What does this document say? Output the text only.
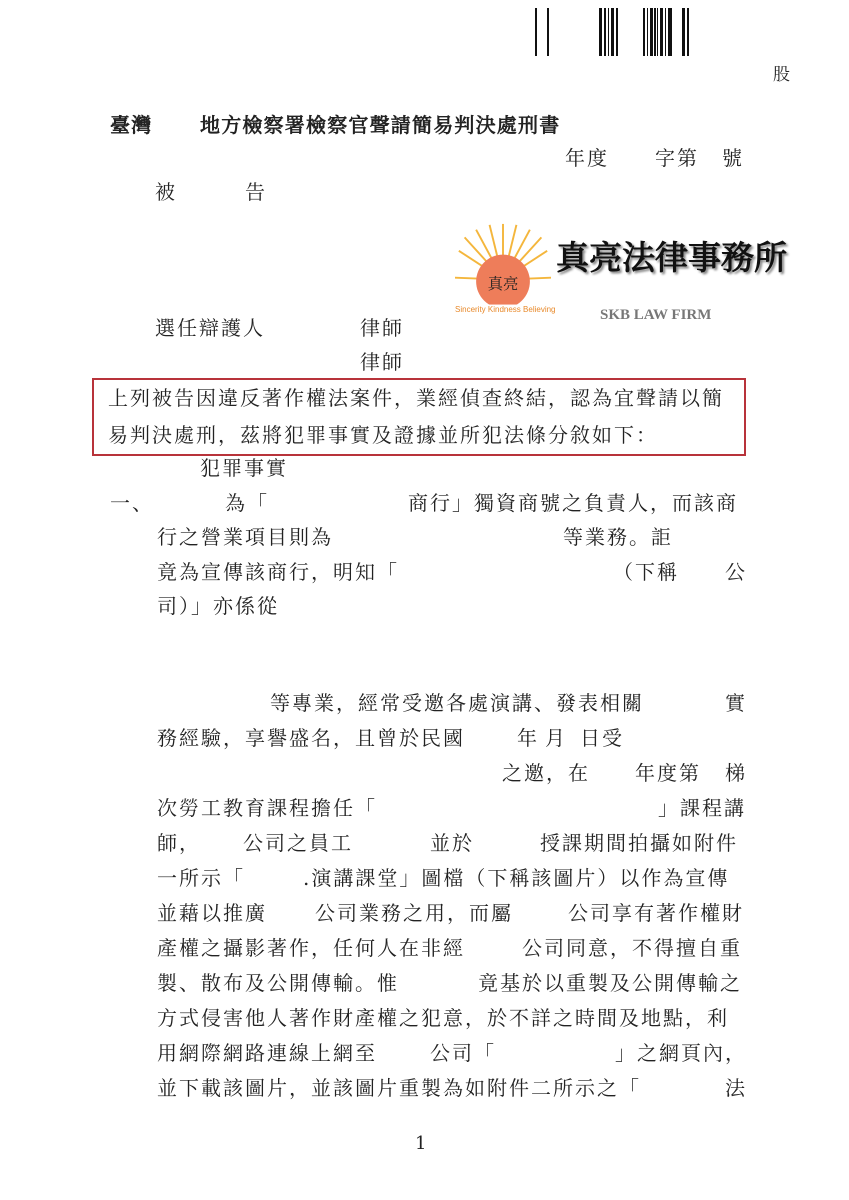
股
臺灣 地方檢察署檢察官聲請簡易判決處刑書
年度 字第 號
被	告
真亮
Sincerity Kindness Believing
真亮法律事務所
SKB LAW FIRM
選任辯護人	律師
律師
上列被告因違反著作權法案件，業經偵查終結，認為宜聲請以簡
易判決處刑，茲將犯罪事實及證據並所犯法條分敘如下：
犯罪事實
一、	為「	商行」獨資商號之負責人，而該商
行之營業項目則為	等業務。詎
竟為宣傳該商行，明知「	（下稱 公
司）」亦係從
等專業，經常受邀各處演講、發表相關	實
務經驗，享譽盛名，且曾於民國	年 月 日受
之邀，在 年度第 梯
次勞工教育課程擔任「	」課程講
師， 公司之員工	並於	授課期間拍攝如附件
一所示「	.演講課堂」圖檔（下稱該圖片）以作為宣傳
並藉以推廣 公司業務之用，而屬	公司享有著作權財
產權之攝影著作，任何人在非經	公司同意，不得擅自重
製、散布及公開傳輸。惟	竟基於以重製及公開傳輸之
方式侵害他人著作財產權之犯意，於不詳之時間及地點，利
用網際網路連線上網至	公司「	」之網頁內，
並下載該圖片，並該圖片重製為如附件二所示之「	法
1
